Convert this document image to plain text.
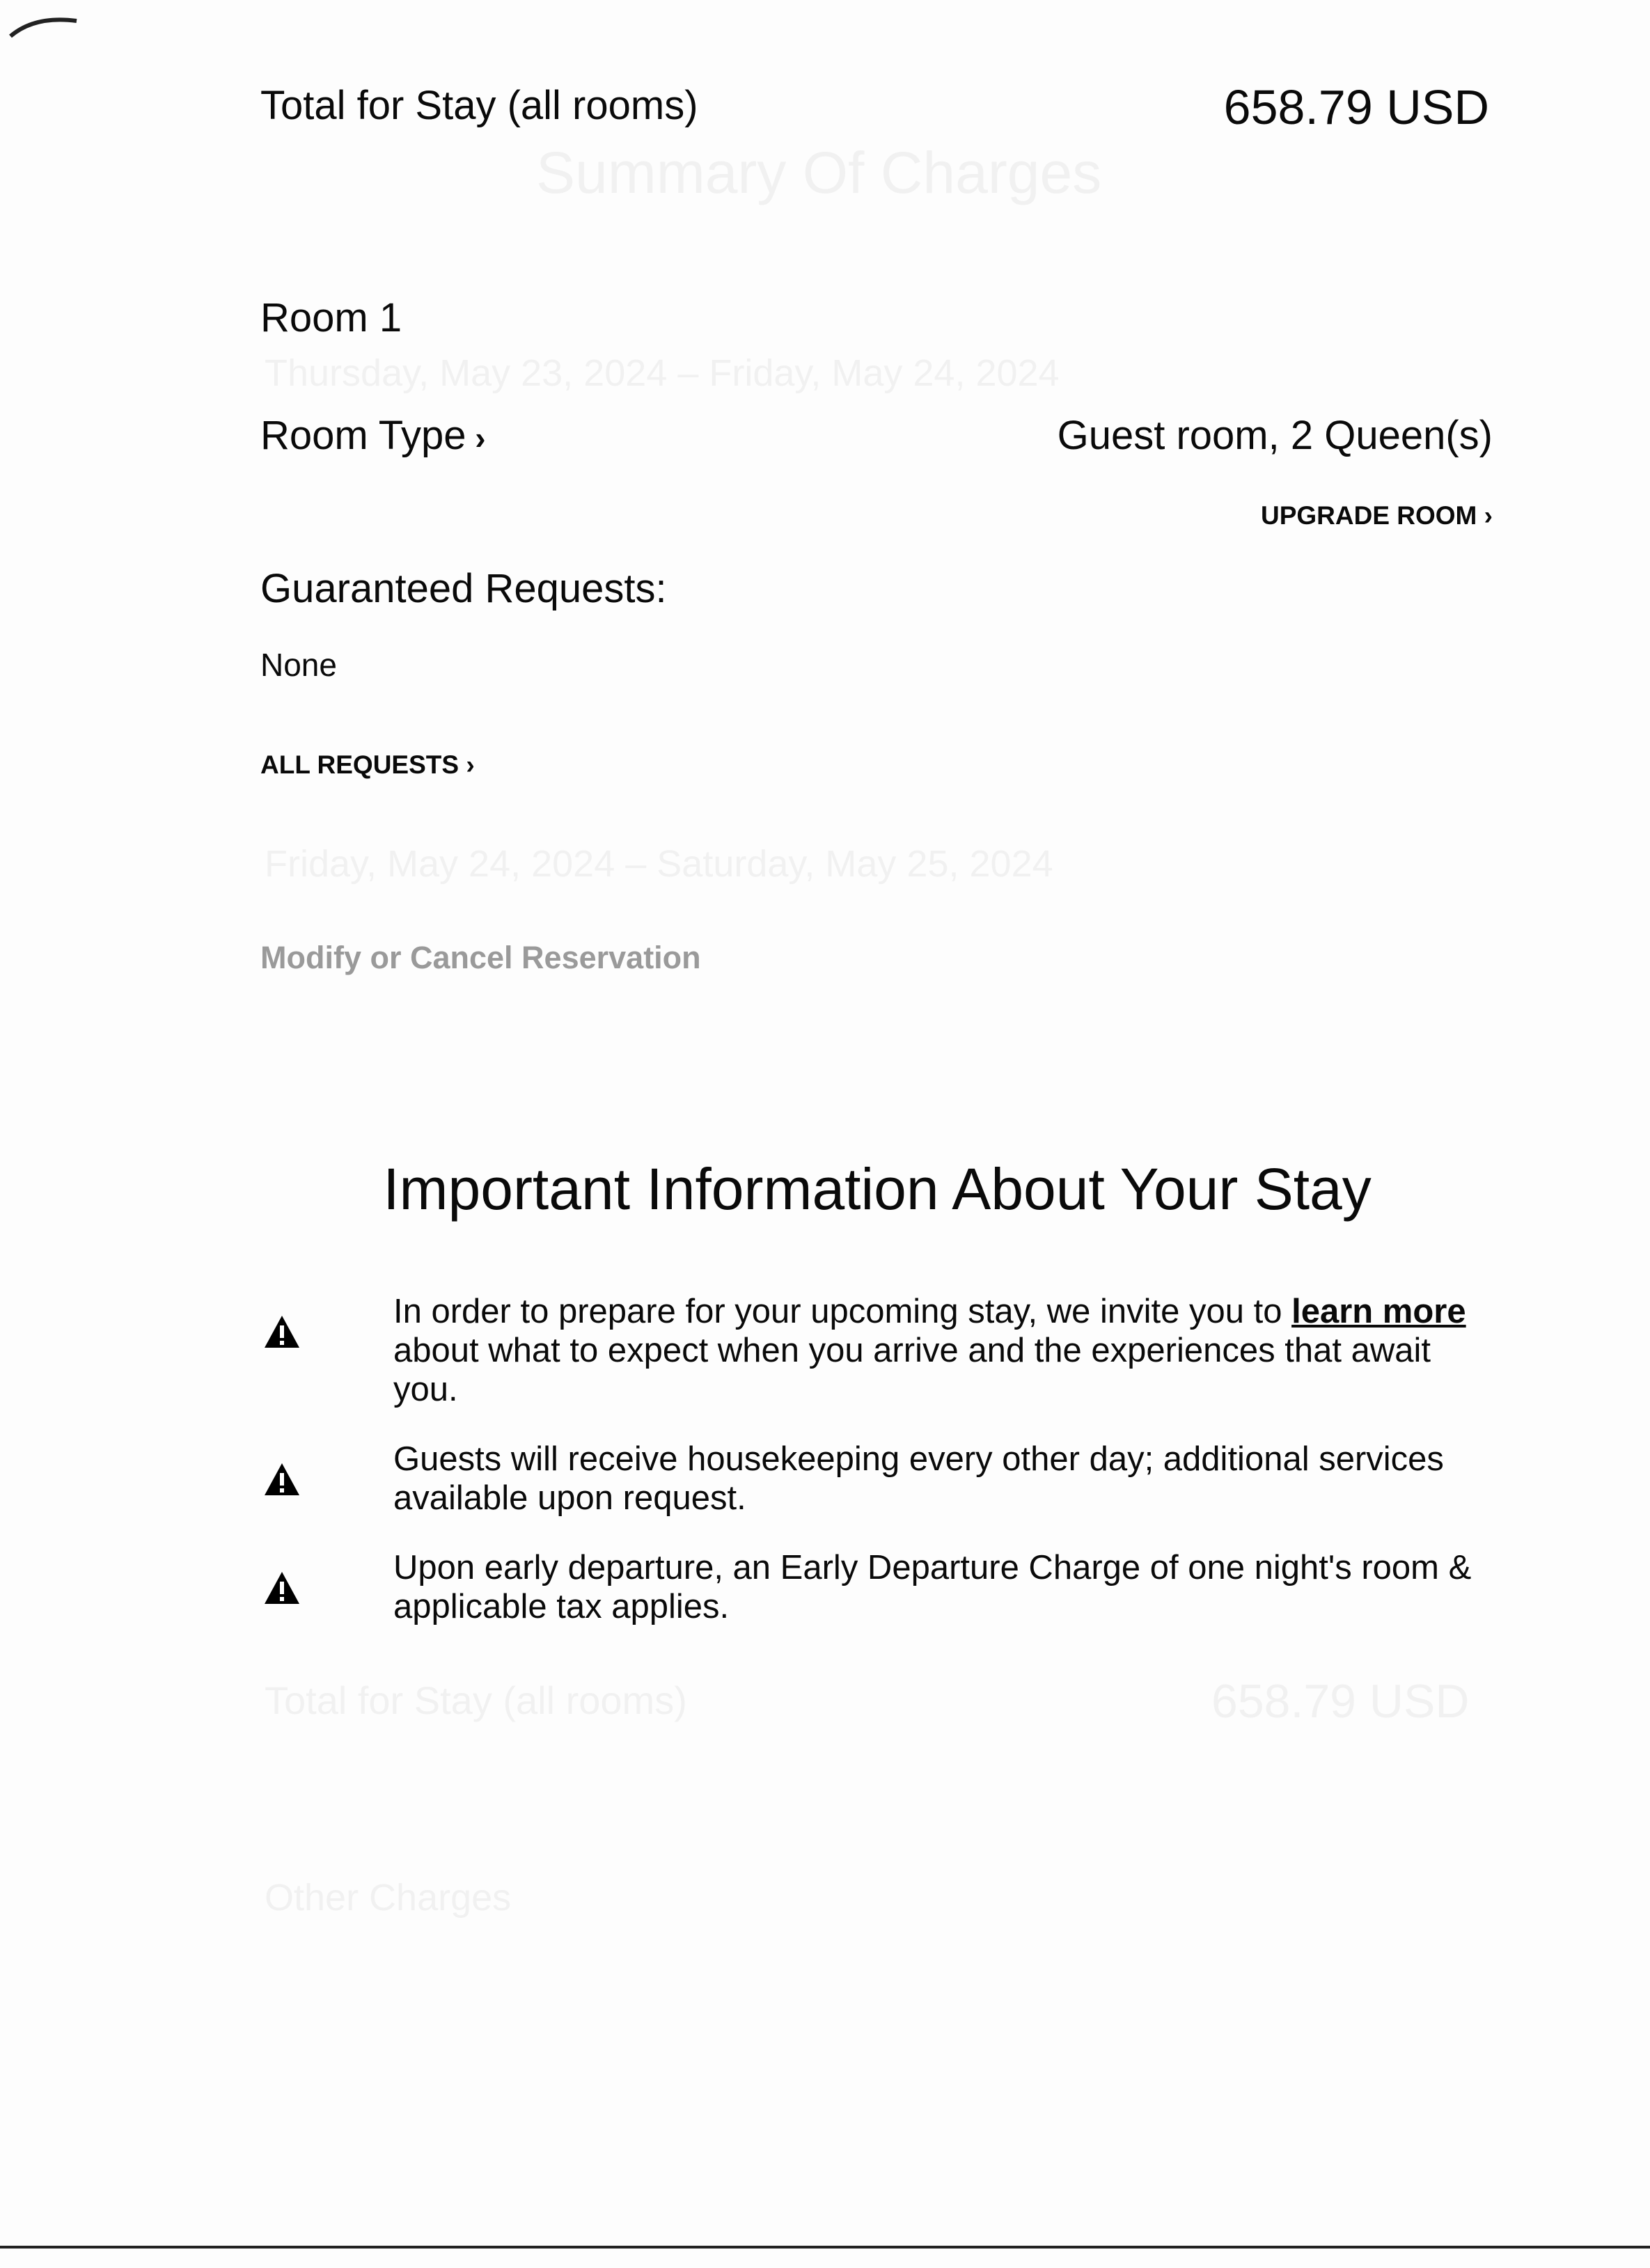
Summary Of Charges
Thursday, May 23, 2024 – Friday, May 24, 2024
Friday, May 24, 2024 – Saturday, May 25, 2024
Total for Stay (all rooms)	658.79 USD
Other Charges
Total for Stay (all rooms)	658.79 USD
Room 1
Room Type ›	Guest room, 2 Queen(s)
UPGRADE ROOM ›
Guaranteed Requests:
None
ALL REQUESTS ›
Modify or Cancel Reservation
Important Information About Your Stay
In order to prepare for your upcoming stay, we invite you to learn more about what to expect when you arrive and the experiences that await you.
Guests will receive housekeeping every other day; additional services available upon request.
Upon early departure, an Early Departure Charge of one night's room & applicable tax applies.
